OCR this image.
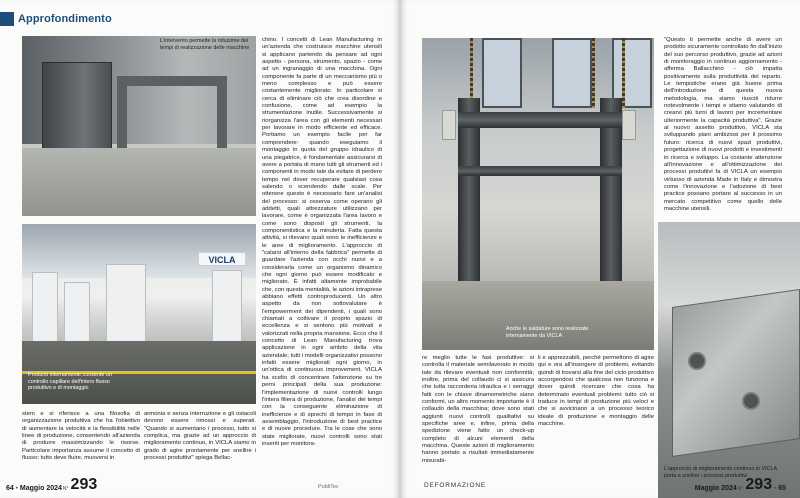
Approfondimento
L'intervento permette la riduzione dei tempi di realizzazione delle macchine
VICLA
Prodursi internamente consente un controllo capillare dell'intero flusso produttivo e di montaggio

chino. I concetti di Lean Manufacturing in un'azienda che costruisce macchine utensili si applicano partendo da pensare ad ogni aspetto - persona, strumento, spazio - come ad un ingranaggio di una macchina. Ogni componente fa parte di un meccanismo più o meno complesso e può essere costantemente migliorato. In particolare si cerca di eliminare ciò che crea disordine e confusione, come ad esempio la strumentazione inutile. Successivamente si riorganizza l'area con gli elementi necessari per lavorare in modo efficiente ed efficace. Portiamo un esempio facile per far comprendere: quando eseguiamo il montaggio in quota del gruppo idraulico di una piegatrice, è fondamentale assicurarsi di avere a portata di mano tutti gli strumenti ed i componenti in modo tale da evitare di perdere tempo nel dover recuperare qualsiasi cosa salendo o scendendo dalle scale. Per ottenere questo è necessario fare un'analisi del processo: si osserva come operano gli addetti, quali attrezzature utilizzano per lavorare, come è organizzata l'area lavoro e come sono disposti gli strumenti, la componentistica e la minuteria. Fatta questa attività, si rilevano quali sono le inefficienze e le aree di miglioramento. L'approccio di "calarsi all'interno della fabbrica" permette di guardare l'azienda con occhi nuovi e a considerarla come un organismo dinamico che ogni giorno può essere modificato e migliorato. È infatti altamente improbabile che, con questa mentalità, le azioni intraprese abbiano effetti controproducenti. Un altro aspetto da non sottovalutare è l'empowerment dei dipendenti, i quali sono chiamati a coltivare il proprio spazio di eccellenza e si sentono più motivati e valorizzati nella propria mansione. Ecco che il concetto di Lean Manufacturing trova applicazione in ogni ambito della vita aziendale; tutti i modelli organizzativi possono infatti essere migliorati ogni giorno, in un'ottica di continuous improvement. VICLA ha scelto di concentrare l'attenzione su tre perni principali della sua produzione: l'implementazione di nuovi controlli lungo l'intera filiera di produzione, l'analisi dei tempi con la conseguente eliminazione di inefficienze e di sprechi di tempo in fase di assemblaggio, l'introduzione di best practice e di nuove procedure. Tra le cose che sono state migliorate, nuovi controlli sono stati inseriti per monitora-

stem e si riferisce a una filosofia di organizzazione produttiva che ha l'obiettivo di aumentare la velocità e la flessibilità nelle linee di produzione, consentendo all'azienda di produrre massimizzando le risorse. Particolare importanza assume il concetto di flusso: tutto deve fluire, muoversi in

armonia e senza interruzione e gli ostacoli devono essere rimossi e superati. "Quando si aumentano i processi, tutto si complica, ma grazie ad un approccio di miglioramento continuo, in VICLA siamo in grado di agire prontamente per snellire i processi produttivi" spiega Bellac-

64 • Maggio 2024 N° 293	PubliTec
Anche le saldature sono realizzate internamente da VICLA

"Questo ti permette anche di avere un prodotto sicuramente controllato fin dall'inizio del suo percorso produttivo, grazie ad azioni di monitoraggio in continuo aggiornamento - afferma Ballacchino - ciò impatta positivamente sulla produttività del reparto. Le tempistiche erano già buone prima dell'introduzione di questa nuova metodologia, ma siamo riusciti ridurre notevolmente i tempi e stiamo valutando di crearvi più turni di lavoro per incrementare ulteriormente la capacità produttiva". Grazie al nuovo assetto produttivo, VICLA sta sviluppando piani ambiziosi per il prossimo futuro: ricerca di nuovi spazi produttivi, progettazione di nuovi prodotti e investimenti in ricerca e sviluppo. La costante attenzione all'innovazione e all'ottimizzazione dei processi produttivi fa di VICLA un esempio virtuoso di azienda Made in Italy e dimostra come l'innovazione e l'adozione di best practice possano portare al successo in un mercato competitivo come quello delle macchine utensili.

re meglio tutte le fasi produttive: si controlla il materiale semilavorato in modo tale da rilevare eventuali non conformità; inoltre, prima del collaudo ci si assicura che tutta raccorderia idraulica e i serraggi fatti con le chiave dinamometriche siano conformi, un altro momento importante è il collaudo della macchina; dove sono stati aggiunti nuovi controlli qualitativi su specifiche aree e, infine, prima della spedizione viene fatto un check-up completo di alcuni elementi della macchina. Queste azioni di miglioramento hanno portato a risultati immediatamente misurabi-

li e apprezzabili, perché permettono di agire qui e ora all'insorgere di problemi, evitando quindi di trovarsi alla fine del ciclo produttivo accorgendosi che qualcosa non funziona e dover quindi ricercare che cosa ha determinato eventuali problemi: tutto ciò si traduce in tempi di produzione più veloci e che si avvicinano a un processo teorico ideale di produzione e montaggio delle macchine.

L'approccio di miglioramento continuo in VICLA porta a snellire i processi produttivi
DEFORMAZIONE	Maggio 2024 N° 293 • 65
